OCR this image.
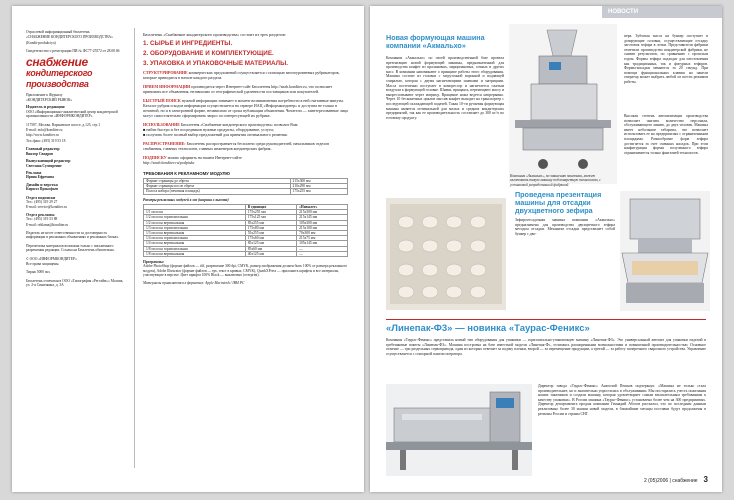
Отраслевой информационный бюллетень

«СНАБЖЕНИЕ КОНДИТЕРСКОГО ПРОИЗВОДСТВА»

(Kondit-produkciya)

Свидетельство о регистрации ПИ № ФС77-25572 от 28.08.06

снабжение
кондитерского
производства

Приложение к Журналу

«КОНДИТЕРСКИЙ РЫНОК»

Издатель и редакция:

ООО «Информационно-аналитический центр кондитерской промышленности «ИНФОРМКОНДИТЕР»

117587, Москва, Варшавское шоссе, д.125, стр.1

E-mail: info@konditer.ru

http://www.konditer.ru

Тел./факс: (495) 319 53 18

Главный редактор

Виктор Свидров

Выпускающий редактор

Светлана Суспирение

Реклама

Ирина Ефремова

Дизайн и верстка

Кирилл Прокофьев

Отдел подписки

Тел.: (495) 319 29 27

E-mail: service@konditer.ru

Отдел рекламы

Тел.: (495) 319 53 88

E-mail: reklama@konditer.ru

Издатель не несет ответственности за достоверность информации в рекламных объявлениях и рекламных блоках.

Перепечатка материалов возможна только с письменного разрешения редакции. Ссылка на Бюллетень обязательна.

© ООО «ИНФОРМКОНДИТЕР»

Все права защищены.

Тираж 5000 экз.

Бюллетень отпечатан в ООО «Типография «Регтайм»» Москва, ул. 2-я Синичкина, д. 3А

Бюллетень «Снабжение кондитерского производства» состоит из трех разделов:

1. СЫРЬЕ И ИНГРЕДИЕНТЫ.
2. ОБОРУДОВАНИЕ И КОМПЛЕКТУЮЩИЕ.
3. УПАКОВКА И УПАКОВОЧНЫЕ МАТЕРИАЛЫ.

СТРУКТУРИРОВАНИЕ коммерческих предложений осуществляется с помощью многоуровневых рубрикаторов, которые приводятся в начале каждого раздела.

ПРИЕМ ИНФОРМАЦИИ производится через Интернет-сайт Бюллетеня http://snab.konditer.ru, что позволяет принимать все объявления, независимо от географической удаленности поставщиков или покупателей.

БЫСТРЫЙ ПОИСК нужной информации занимает в момент возникновения потребности в ней считанные минуты. Каталог рубрик и кодов информации осуществляется на сервере ИАЦ «Информкондитер» и доступна не только в печатной, но и в электронной форме, независимо от срока публикации объявления. Читатели — заинтересованные лица могут самостоятельно сформировать запрос по интересующей их рубрике.

ИСПОЛЬЗОВАНИЕ Бюллетеня «Снабжение кондитерского производства» позволит Вам:
■ найти быстро и без посредников нужные продукты, оборудование, услуги;
■ получить более полный выбор предложений для принятия оптимального решения.

РАСПРОСТРАНЕНИЕ: Бюллетень распространяется бесплатно среди руководителей, начальников отделов снабжения, главных технологов, главных инженеров кондитерских фабрик.

ПОДПИСКУ можно оформить на нашем Интернет-сайте
http://snab.konditer.ru/podpiska

ТРЕБОВАНИЯ К РЕКЛАМНОМУ МОДУЛЮ
Формат страницы до обреза	215х300 мм
Формат страницы после обреза	210х290 мм
Полоса набора (печатная площадь)	175х255 мм
Размеры рекламных модулей в мм (ширина х высота)
	В единицах	«Навылет»
1/1 полосы	175х255 мм	215х300 мм
1/2 полосы горизонтальная	175х125 мм	215х145 мм
1/2 полосы вертикальная	85х255 мм	105х300 мм
1/3 полосы горизонтальная	175х80 мм	215х100 мм
1/3 полосы вертикальная	55х255 мм	70х300 мм
1/4 полосы горизонтальная	175х60 мм	215х75 мм
1/4 полосы вертикальная	85х125 мм	105х145 мм
1/8 полосы горизонтальная	85х60 мм	—
1/8 полосы вертикальная	40х125 мм	—

Программы:
Adobe PhotoShop (формат файлов — tiff, разрешение 300 dpi, CMYK, размер изображения должен быть 100% от размера рекламного модуля), Adobe Illustrator (формат файлов — eps, текст в кривых, CMYK), QuarkXPress — приложить шрифты и все материалы, участвующие в верстке. Цвет шрифта 100% Black — выключено (overprint).

Материалы принимаются в форматах: Apple Macintosh / IBM PC

НОВОСТИ
Новая формующая машина компании «Акмальхо»
Компания «Акмальхо» по своей производственной базе провела презентацию новой формующей машины, предназначенной для производства конфет из пралиновых, марципановых, сочных и других масс. В компании напоминают о принципе работы этого оборудования. Машина состоит из головки с загрузочной воронкой и подающей спиралью, которая с двумя нагнетающими шнеками и матрицами. Масса постепенно поступает в компрессор и нагнетается сжатым воздухом к формующей головке. Шнеки, вращаясь, перемещают массу и выпрессовывают через матрицу. Вращение ножа ведется непрерывно. Через 10 бесконечных циклов массив конфет выходит на транспортер с последующей охлаждающей подачей. Такая 10-ти ручьевая формующая машина является оптимальной для малых и средних кондитерских предприятий, так как ее производительность составляет до 300 кг/ч по готовому продукту.
пера. Зубчатая масса на бункер поступает в дозирующие головки, осуществляющие отсадку заготовок зефира в лотки. Представители фабрики отметили производство кондитерской фабрики, не снизив результатов, по сравнению с прошлым годом. Формы зефира подходят для изготовления как традиционных, так и фигурных зефиров. Формы-насадки меняются за 20 секунд. При помощи функциональных клавиш на панели оператор может выбрать любой из шести режимов работы.
Высокая степень автоматизации производства позволяет снизить количество персонала, обслуживающего линию, до двух человек. Машина имеет небольшие габариты, что позволяет использовать ее на предприятиях с ограниченными площадями. Разнообразие форм зефира достигается за счет сменных насадок. При этом конфигурация формы полученного зефира ограничивается только фантазией технологов.
Компания «Акмальхо», по заявлению заказчика, может изготовить такую машину под конкретную технологию, с установкой разработанной фабрикой.
Проведена презентация машины для отсадки двухцветного зефира
Зефироотсадочная машина компании «Акмальхо» предназначена для производства двухцветного зефира методом отсадки. Механизм отсадки представляет собой бункер с дво-
«Линепак-Ф3» — новинка «Таурас-Феникс»
Компания «Таурас-Феникс» представила новый тип оборудования для упаковки — горизонтально-упаковочную машину «Линепак-Ф3». Это универсальный автомат для упаковки изделий в гребешковые пакеты «Линепак-Ф3». Машина построена на базе известной модели «Линепак-Ф», отличаясь расширенными возможностями и повышенной производительностью. Основное отличие — три раздельных сервопривода, один из которых отвечает за подачу пленки, второй — за перемещение продукции, а третий — за работу поперечного сварочного устройства. Управление осуществляется с сенсорной панели оператора.
Директор завода «Таурас-Феникс» Анатолий Пешков подчеркнул: «Машина не только стала производительнее, но и значительно упростилась в обслуживании. Мы постарались учесть пожелания наших заказчиков и создали машину, которая удовлетворяет самым взыскательным требованиям к качеству упаковки». В России машина «Таурас-Феникс» установлена более чем на 300 предприятиях. Директор департамента продаж компании Геннадий Абосов рассказал, что по последним данным реализовано более 30 машин новой модели, в ближайшие месяцы поставки будут продолжены в регионы России и страны СНГ.
2 (05)2006 | снабжение 3
